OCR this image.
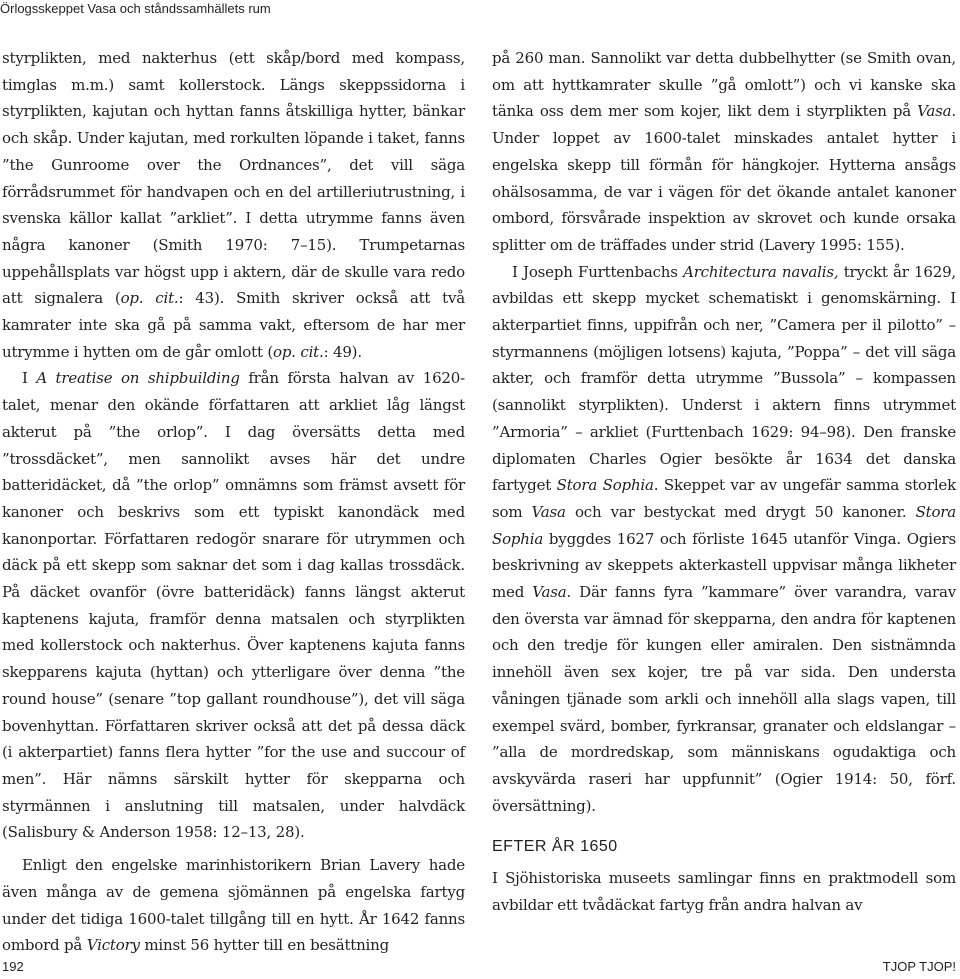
Örlogsskeppet Vasa och ståndssamhällets rum

styrplikten, med nakterhus (ett skåp/bord med kompass, timglas m.m.) samt kollerstock. Längs skeppssidorna i styrplikten, kajutan och hyttan fanns åtskilliga hytter, bänkar och skåp. Under kajutan, med rorkulten löpande i taket, fanns ”the Gunroome over the Ordnances”, det vill säga förrådsrummet för handvapen och en del artilleriutrustning, i svenska källor kallat ”arkliet”. I detta utrymme fanns även några kanoner (Smith 1970: 7–15). Trumpetarnas uppehållsplats var högst upp i aktern, där de skulle vara redo att signalera (op. cit.: 43). Smith skriver också att två kamrater inte ska gå på samma vakt, eftersom de har mer utrymme i hytten om de går omlott (op. cit.: 49).

I A treatise on shipbuilding från första halvan av 1620-talet, menar den okände författaren att arkliet låg längst akterut på ”the orlop”. I dag översätts detta med ”trossdäcket”, men sannolikt avses här det undre batteridäcket, då ”the orlop” omnämns som främst avsett för kanoner och beskrivs som ett typiskt kanondäck med kanonportar. Författaren redogör snarare för utrymmen och däck på ett skepp som saknar det som i dag kallas trossdäck. På däcket ovanför (övre batteridäck) fanns längst akterut kaptenens kajuta, framför denna matsalen och styrplikten med kollerstock och nakterhus. Över kaptenens kajuta fanns skepparens kajuta (hyttan) och ytterligare över denna ”the round house” (senare ”top gallant roundhouse”), det vill säga bovenhyttan. Författaren skriver också att det på dessa däck (i akterpartiet) fanns flera hytter ”for the use and succour of men”. Här nämns särskilt hytter för skepparna och styrmännen i anslutning till matsalen, under halvdäck (Salisbury & Anderson 1958: 12–13, 28).

Enligt den engelske marinhistorikern Brian Lavery hade även många av de gemena sjömännen på engelska fartyg under det tidiga 1600-talet tillgång till en hytt. År 1642 fanns ombord på Victory minst 56 hytter till en besättning

på 260 man. Sannolikt var detta dubbelhytter (se Smith ovan, om att hyttkamrater skulle ”gå omlott”) och vi kanske ska tänka oss dem mer som kojer, likt dem i styrplikten på Vasa. Under loppet av 1600-talet minskades antalet hytter i engelska skepp till förmån för hängkojer. Hytterna ansågs ohälsosamma, de var i vägen för det ökande antalet kanoner ombord, försvårade inspektion av skrovet och kunde orsaka splitter om de träffades under strid (Lavery 1995: 155).

I Joseph Furttenbachs Architectura navalis, tryckt år 1629, avbildas ett skepp mycket schematiskt i genomskärning. I akterpartiet finns, uppifrån och ner, ”Camera per il pilotto” – styrmannens (möjligen lotsens) kajuta, ”Poppa” – det vill säga akter, och framför detta utrymme ”Bussola” – kompassen (sannolikt styrplikten). Underst i aktern finns utrymmet ”Armoria” – arkliet (Furttenbach 1629: 94–98). Den franske diplomaten Charles Ogier besökte år 1634 det danska fartyget Stora Sophia. Skeppet var av ungefär samma storlek som Vasa och var bestyckat med drygt 50 kanoner. Stora Sophia byggdes 1627 och förliste 1645 utanför Vinga. Ogiers beskrivning av skeppets akterkastell uppvisar många likheter med Vasa. Där fanns fyra ”kammare” över varandra, varav den översta var ämnad för skepparna, den andra för kaptenen och den tredje för kungen eller amiralen. Den sistnämnda innehöll även sex kojer, tre på var sida. Den understa våningen tjänade som arkli och innehöll alla slags vapen, till exempel svärd, bomber, fyrkransar, granater och eldslangar – ”alla de mordredskap, som människans ogudaktiga och avskyvärda raseri har uppfunnit” (Ogier 1914: 50, förf. översättning).

EFTER ÅR 1650

I Sjöhistoriska museets samlingar finns en praktmodell som avbildar ett tvådäckat fartyg från andra halvan av

192	TJOP TJOP!
